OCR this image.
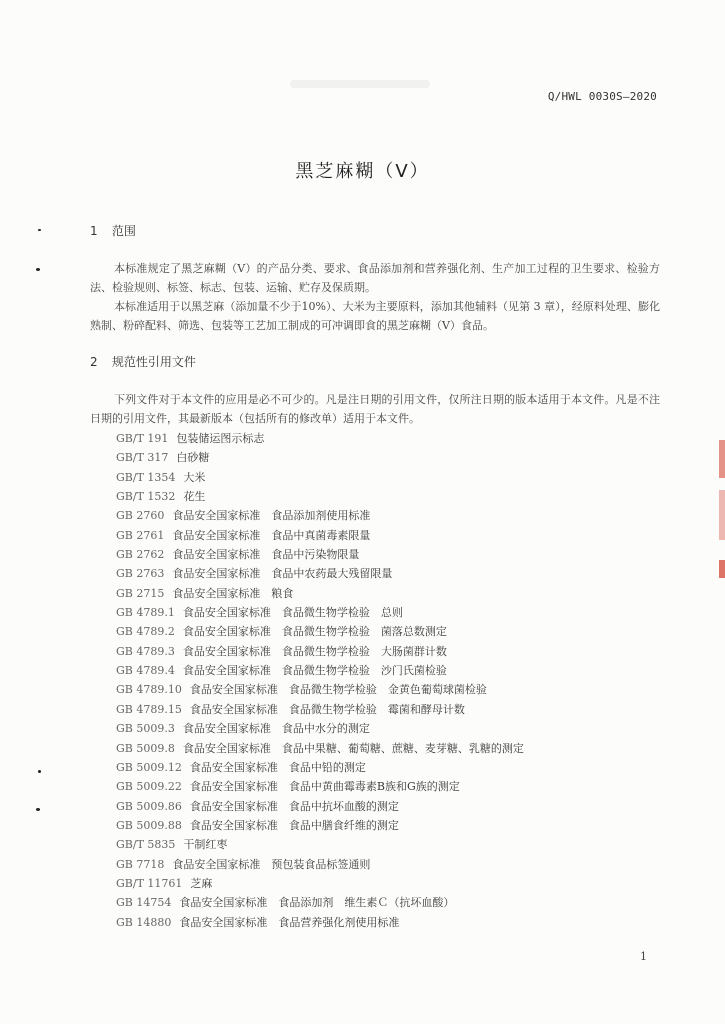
Q/HWL 0030S—2020
黑芝麻糊（Ⅴ）
1 范围
本标准规定了黑芝麻糊（Ⅴ）的产品分类、要求、食品添加剂和营养强化剂、生产加工过程的卫生要求、检验方法、检验规则、标签、标志、包装、运输、贮存及保质期。
本标准适用于以黑芝麻（添加量不少于10%）、大米为主要原料，添加其他辅料（见第 3 章），经原料处理、膨化熟制、粉碎配料、筛选、包装等工艺加工制成的可冲调即食的黑芝麻糊（Ⅴ）食品。
2 规范性引用文件
下列文件对于本文件的应用是必不可少的。凡是注日期的引用文件，仅所注日期的版本适用于本文件。凡是不注日期的引用文件，其最新版本（包括所有的修改单）适用于本文件。
GB/T 191 包装储运图示标志
GB/T 317 白砂糖
GB/T 1354 大米
GB/T 1532 花生
GB 2760 食品安全国家标准　食品添加剂使用标准
GB 2761 食品安全国家标准　食品中真菌毒素限量
GB 2762 食品安全国家标准　食品中污染物限量
GB 2763 食品安全国家标准　食品中农药最大残留限量
GB 2715 食品安全国家标准　粮食
GB 4789.1 食品安全国家标准　食品微生物学检验　总则
GB 4789.2 食品安全国家标准　食品微生物学检验　菌落总数测定
GB 4789.3 食品安全国家标准　食品微生物学检验　大肠菌群计数
GB 4789.4 食品安全国家标准　食品微生物学检验　沙门氏菌检验
GB 4789.10 食品安全国家标准　食品微生物学检验　金黄色葡萄球菌检验
GB 4789.15 食品安全国家标准　食品微生物学检验　霉菌和酵母计数
GB 5009.3 食品安全国家标准　食品中水分的测定
GB 5009.8 食品安全国家标准　食品中果糖、葡萄糖、蔗糖、麦芽糖、乳糖的测定
GB 5009.12 食品安全国家标准　食品中铅的测定
GB 5009.22 食品安全国家标准　食品中黄曲霉毒素B族和G族的测定
GB 5009.86 食品安全国家标准　食品中抗坏血酸的测定
GB 5009.88 食品安全国家标准　食品中膳食纤维的测定
GB/T 5835 干制红枣
GB 7718 食品安全国家标准　预包装食品标签通则
GB/T 11761 芝麻
GB 14754 食品安全国家标准　食品添加剂　维生素Ｃ（抗坏血酸）
GB 14880 食品安全国家标准　食品营养强化剂使用标准
1
